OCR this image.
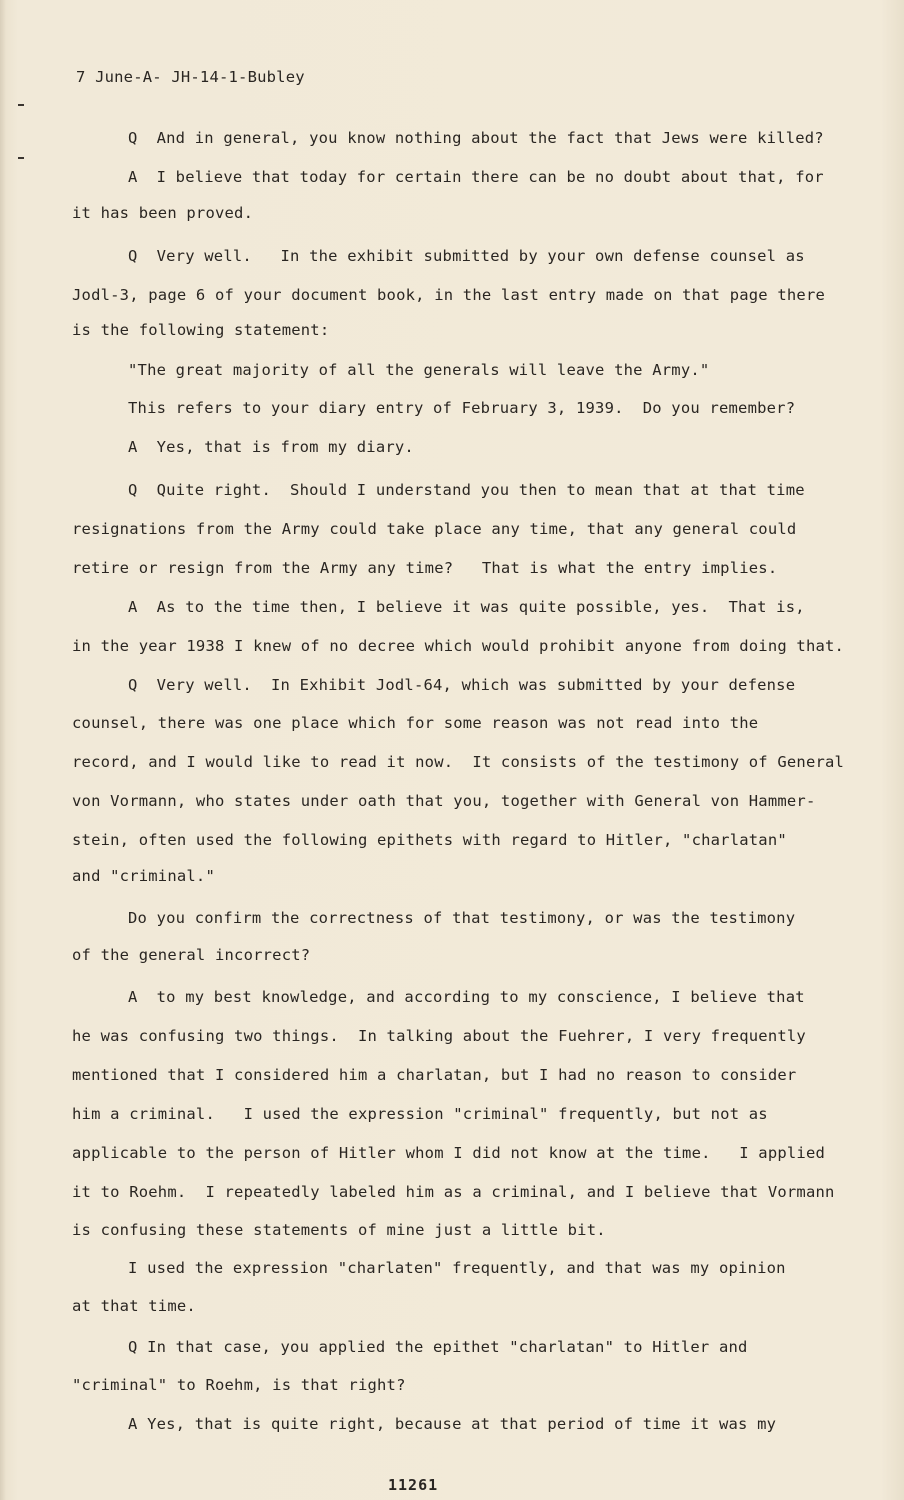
7 June-A- JH-14-1-Bubley
Q  And in general, you know nothing about the fact that Jews were killed?
A  I believe that today for certain there can be no doubt about that, for
it has been proved.
Q  Very well.   In the exhibit submitted by your own defense counsel as
Jodl-3, page 6 of your document book, in the last entry made on that page there
is the following statement:
"The great majority of all the generals will leave the Army."
This refers to your diary entry of February 3, 1939.  Do you remember?
A  Yes, that is from my diary.
Q  Quite right.  Should I understand you then to mean that at that time
resignations from the Army could take place any time, that any general could
retire or resign from the Army any time?   That is what the entry implies.
A  As to the time then, I believe it was quite possible, yes.  That is,
in the year 1938 I knew of no decree which would prohibit anyone from doing that.
Q  Very well.  In Exhibit Jodl-64, which was submitted by your defense
counsel, there was one place which for some reason was not read into the
record, and I would like to read it now.  It consists of the testimony of General
von Vormann, who states under oath that you, together with General von Hammer-
stein, often used the following epithets with regard to Hitler, "charlatan"
and "criminal."
Do you confirm the correctness of that testimony, or was the testimony
of the general incorrect?
A  to my best knowledge, and according to my conscience, I believe that
he was confusing two things.  In talking about the Fuehrer, I very frequently
mentioned that I considered him a charlatan, but I had no reason to consider
him a criminal.   I used the expression "criminal" frequently, but not as
applicable to the person of Hitler whom I did not know at the time.   I applied
it to Roehm.  I repeatedly labeled him as a criminal, and I believe that Vormann
is confusing these statements of mine just a little bit.
I used the expression "charlaten" frequently, and that was my opinion
at that time.
Q In that case, you applied the epithet "charlatan" to Hitler and
"criminal" to Roehm, is that right?
A Yes, that is quite right, because at that period of time it was my
11261
